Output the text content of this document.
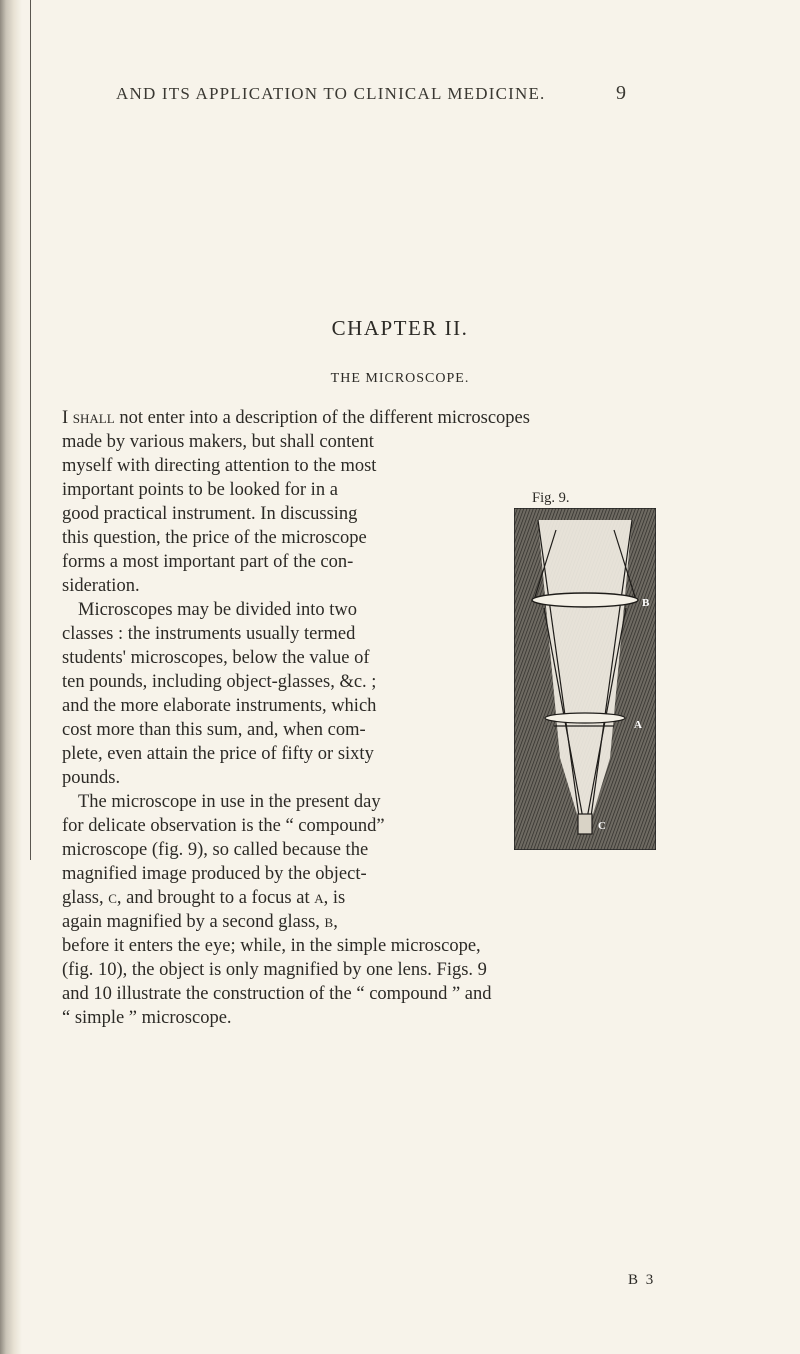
AND ITS APPLICATION TO CLINICAL MEDICINE.	9
CHAPTER II.
THE MICROSCOPE.
I shall not enter into a description of the different microscopes
made by various makers, but shall content
myself with directing attention to the most
important points to be looked for in a
good practical instrument. In discussing
this question, the price of the microscope
forms a most important part of the con-
sideration.
Microscopes may be divided into two
classes : the instruments usually termed
students' microscopes, below the value of
ten pounds, including object-glasses, &c. ;
and the more elaborate instruments, which
cost more than this sum, and, when com-
plete, even attain the price of fifty or sixty
pounds.
The microscope in use in the present day
for delicate observation is the “ compound”
microscope (fig. 9), so called because the
magnified image produced by the object-
glass, c, and brought to a focus at a, is
again magnified by a second glass, b,
before it enters the eye; while, in the simple microscope,
(fig. 10), the object is only magnified by one lens. Figs. 9
and 10 illustrate the construction of the “ compound ” and
“ simple ” microscope.
Fig. 9.
B
A
C
B 3
